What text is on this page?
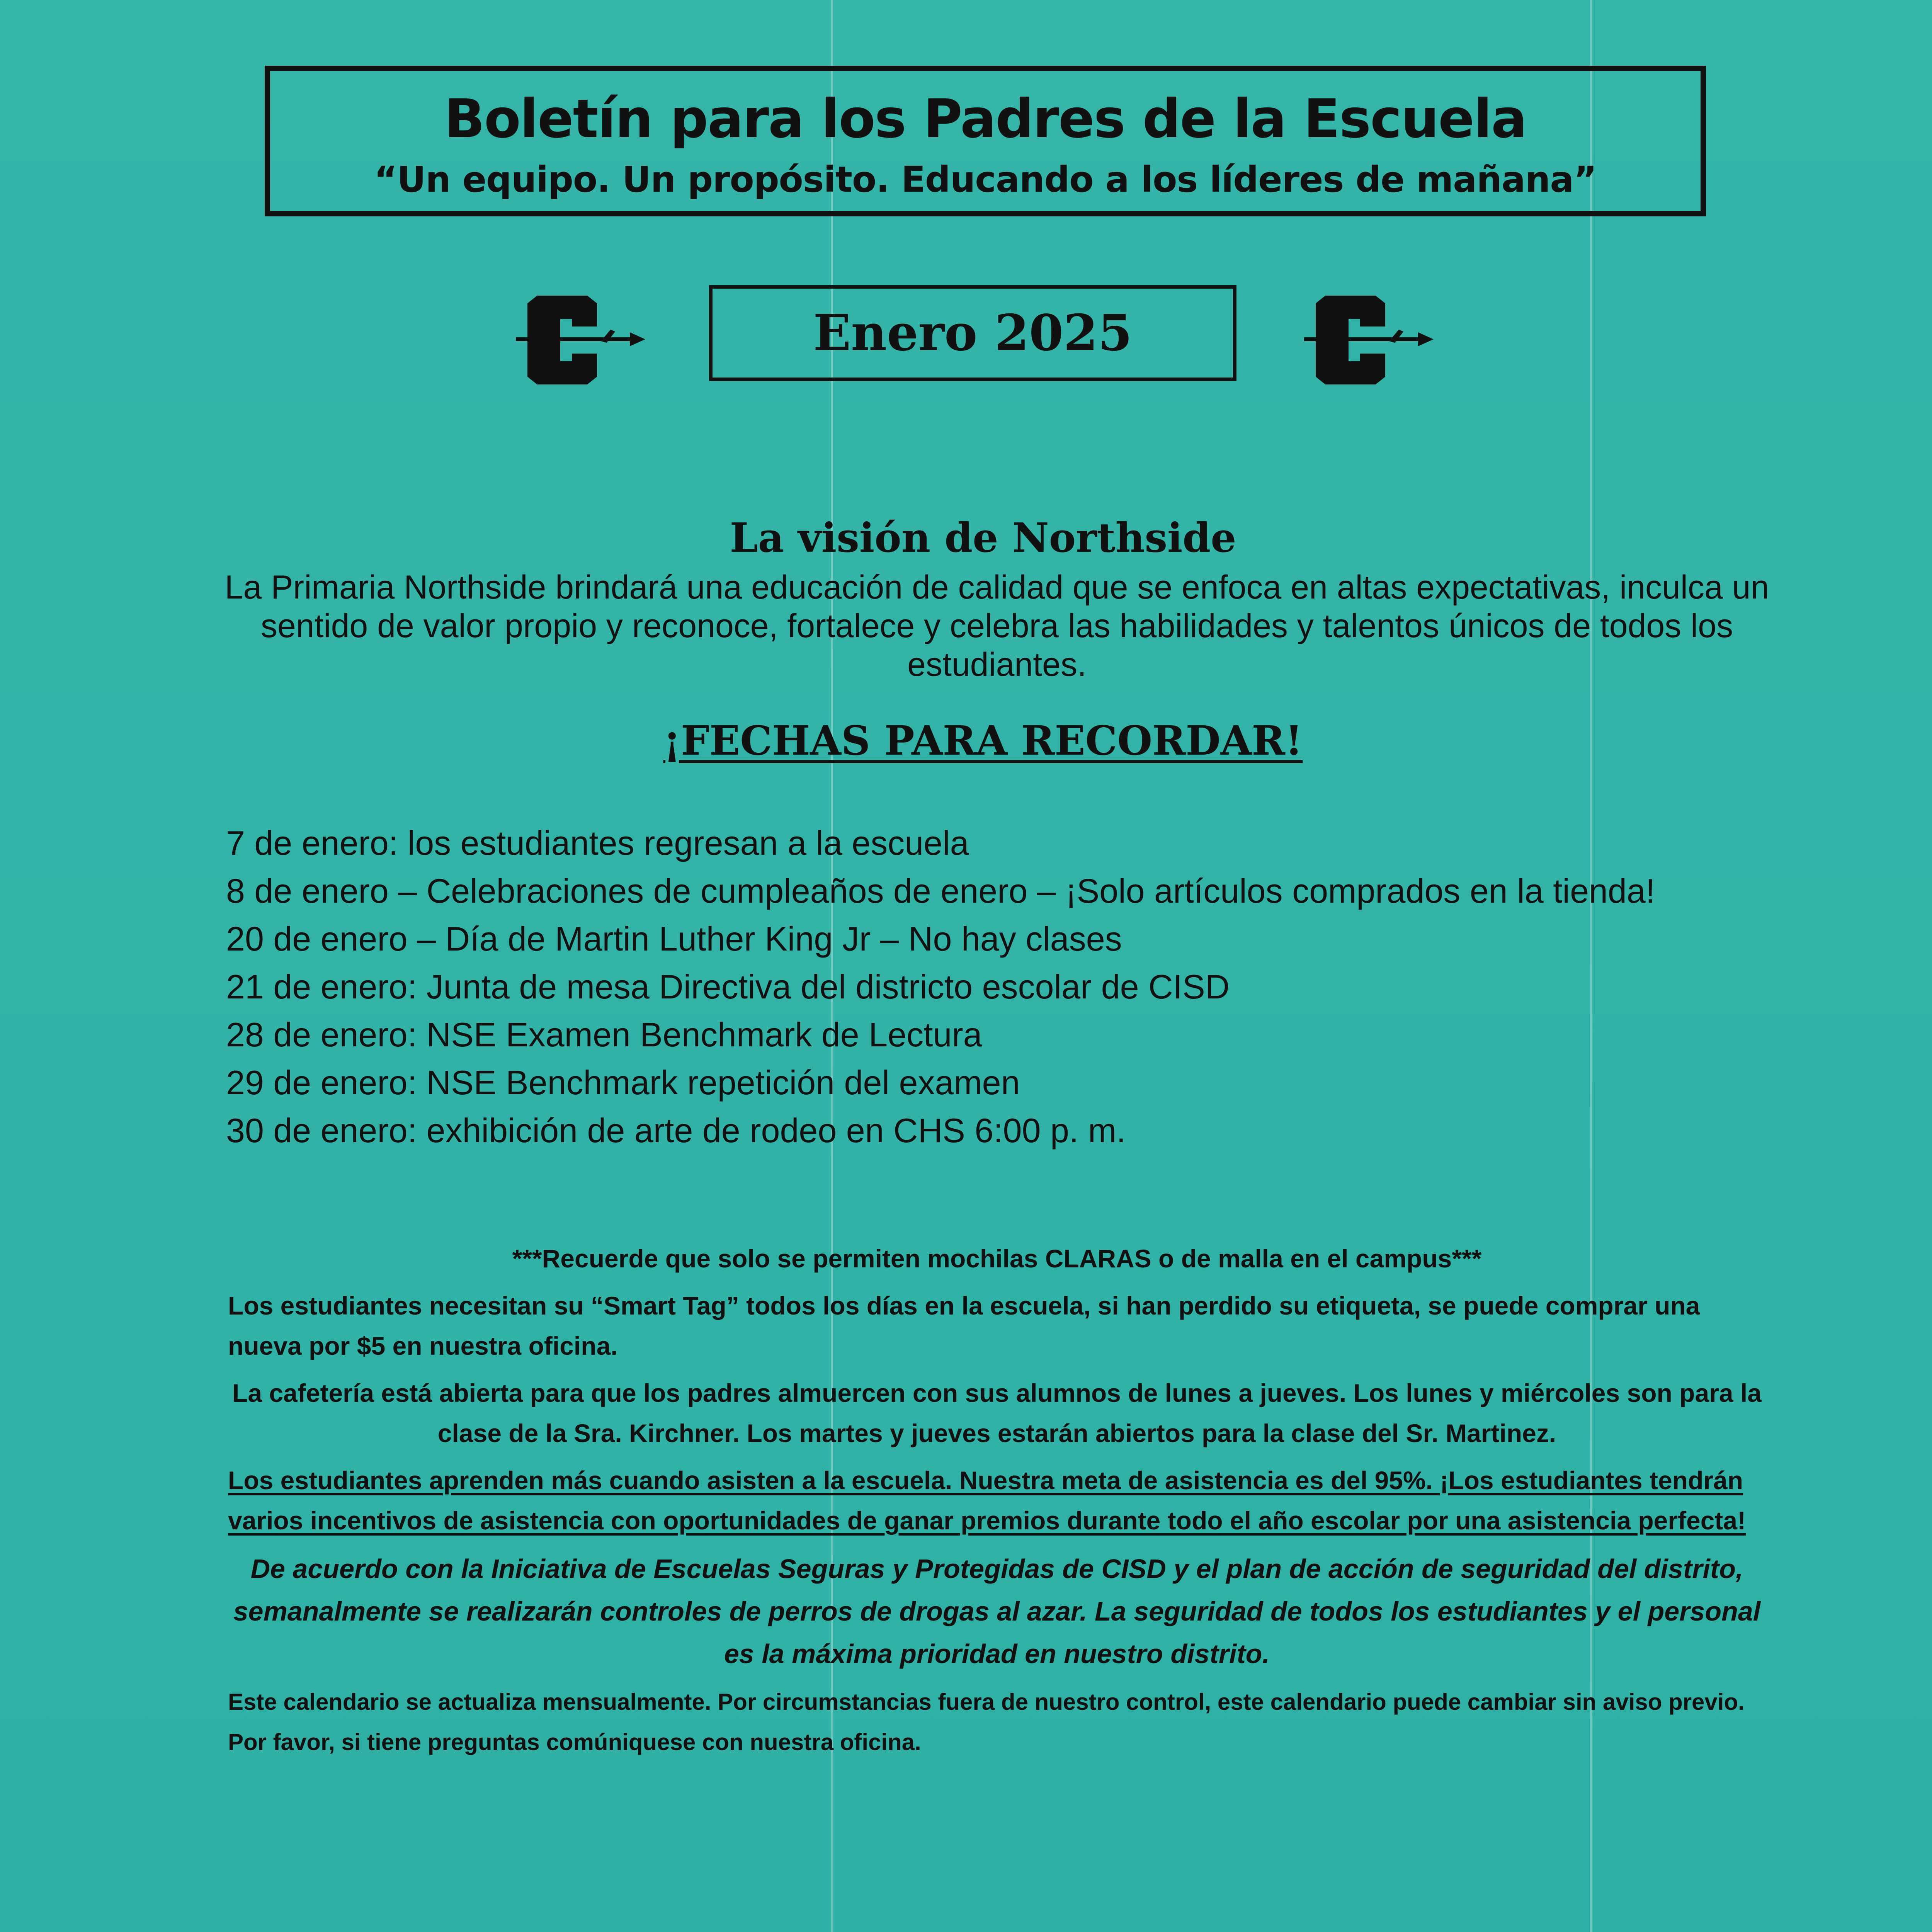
Boletín para los Padres de la Escuela
“Un equipo. Un propósito. Educando a los líderes de mañana”
Enero 2025
La visión de Northside
La Primaria Northside brindará una educación de calidad que se enfoca en altas expectativas, inculca un sentido de valor propio y reconoce, fortalece y celebra las habilidades y talentos únicos de todos los estudiantes.
¡FECHAS PARA RECORDAR!
7 de enero: los estudiantes regresan a la escuela
8 de enero – Celebraciones de cumpleaños de enero – ¡Solo artículos comprados en la tienda!
20 de enero – Día de Martin Luther King Jr – No hay clases
21 de enero: Junta de mesa Directiva del districto escolar de CISD
28 de enero: NSE Examen Benchmark de Lectura
29 de enero: NSE Benchmark repetición del examen
30 de enero: exhibición de arte de rodeo en CHS 6:00 p. m.

***Recuerde que solo se permiten mochilas CLARAS o de malla en el campus***

Los estudiantes necesitan su “Smart Tag” todos los días en la escuela, si han perdido su etiqueta, se puede comprar una nueva por $5 en nuestra oficina.

La cafetería está abierta para que los padres almuercen con sus alumnos de lunes a jueves. Los lunes y miércoles son para la clase de la Sra. Kirchner. Los martes y jueves estarán abiertos para la clase del Sr. Martinez.

Los estudiantes aprenden más cuando asisten a la escuela. Nuestra meta de asistencia es del 95%. ¡Los estudiantes tendrán varios incentivos de asistencia con oportunidades de ganar premios durante todo el año escolar por una asistencia perfecta!

De acuerdo con la Iniciativa de Escuelas Seguras y Protegidas de CISD y el plan de acción de seguridad del distrito, semanalmente se realizarán controles de perros de drogas al azar. La seguridad de todos los estudiantes y el personal es la máxima prioridad en nuestro distrito.

Este calendario se actualiza mensualmente. Por circumstancias fuera de nuestro control, este calendario puede cambiar sin aviso previo. Por favor, si tiene preguntas comúniquese con nuestra oficina.
